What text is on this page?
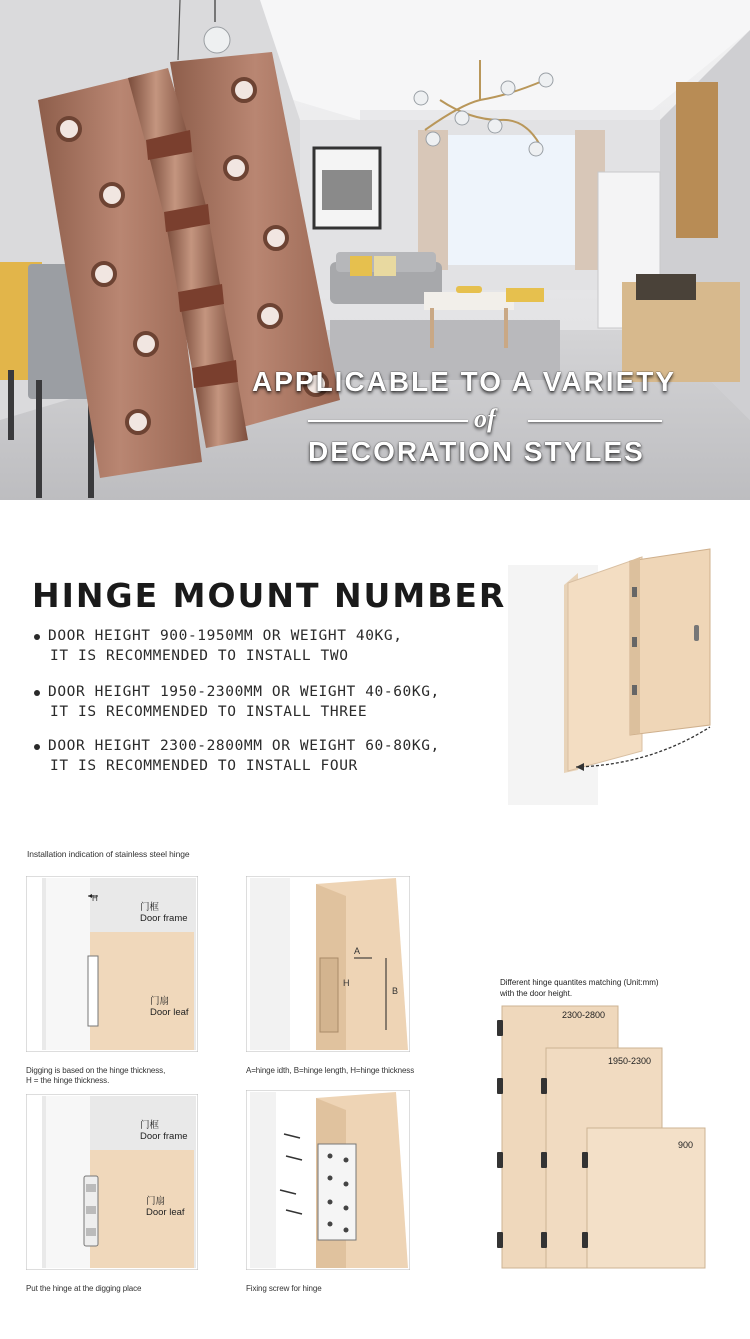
APPLICABLE TO A VARIETY
of
DECORATION STYLES
HINGE MOUNT NUMBER
DOOR HEIGHT 900-1950MM OR WEIGHT 40KG,
IT IS RECOMMENDED TO INSTALL TWO
DOOR HEIGHT 1950-2300MM OR WEIGHT 40-60KG,
IT IS RECOMMENDED TO INSTALL THREE
DOOR HEIGHT 2300-2800MM OR WEIGHT 60-80KG,
IT IS RECOMMENDED TO INSTALL FOUR
Installation indication of stainless steel hinge
H
门框
Door frame
门扇
Door leaf
Digging is based on the hinge thickness,
H = the hinge thickness.
A
B
H
A=hinge idth, B=hinge length, H=hinge thickness
门框
Door frame
门扇
Door leaf
Put the hinge at the digging place	Fixing screw for hinge
Different hinge quantites matching (Unit:mm)
with the door height.
2300-2800
1950-2300
900
